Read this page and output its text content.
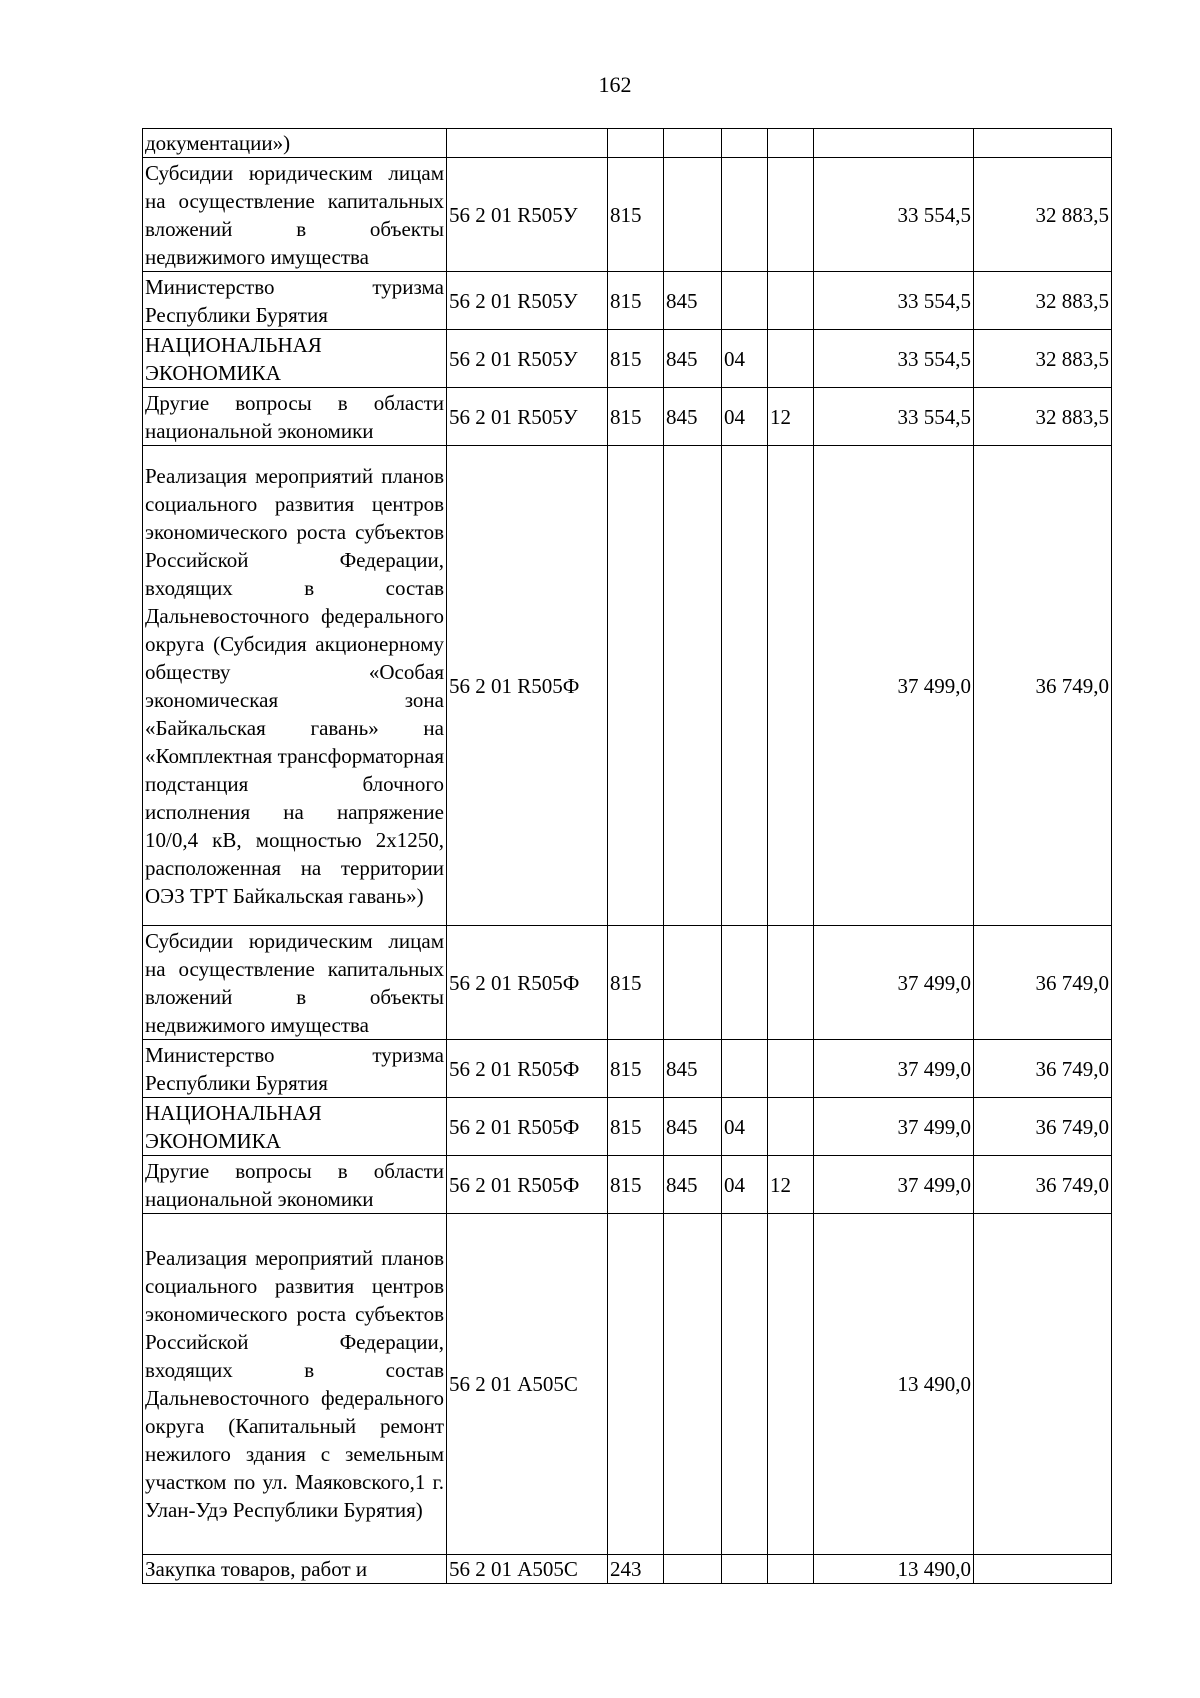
162
документации»)							
Субсидии юридическим лицам на осуществление капитальных вложений в объекты недвижимого имущества	56 2 01 R505У	815				33 554,5	32 883,5
Министерство туризма Республики Бурятия	56 2 01 R505У	815	845			33 554,5	32 883,5
НАЦИОНАЛЬНАЯ ЭКОНОМИКА	56 2 01 R505У	815	845	04		33 554,5	32 883,5
Другие вопросы в области национальной экономики	56 2 01 R505У	815	845	04	12	33 554,5	32 883,5
Реализация мероприятий планов социального развития центров экономического роста субъектов Российской Федерации, входящих в состав Дальневосточного федерального округа (Субсидия акционерному обществу «Особая экономическая зона «Байкальская гавань» на «Комплектная трансформаторная подстанция блочного исполнения на напряжение 10/0,4 кВ, мощностью 2х1250, расположенная на территории ОЭЗ ТРТ Байкальская гавань»)	56 2 01 R505Ф					37 499,0	36 749,0
Субсидии юридическим лицам на осуществление капитальных вложений в объекты недвижимого имущества	56 2 01 R505Ф	815				37 499,0	36 749,0
Министерство туризма Республики Бурятия	56 2 01 R505Ф	815	845			37 499,0	36 749,0
НАЦИОНАЛЬНАЯ ЭКОНОМИКА	56 2 01 R505Ф	815	845	04		37 499,0	36 749,0
Другие вопросы в области национальной экономики	56 2 01 R505Ф	815	845	04	12	37 499,0	36 749,0
Реализация мероприятий планов социального развития центров экономического роста субъектов Российской Федерации, входящих в состав Дальневосточного федерального округа (Капитальный ремонт нежилого здания с земельным участком по ул. Маяковского,1 г. Улан-Удэ Республики Бурятия)	56 2 01 А505С					13 490,0	
Закупка товаров, работ и	56 2 01 А505С	243				13 490,0	
